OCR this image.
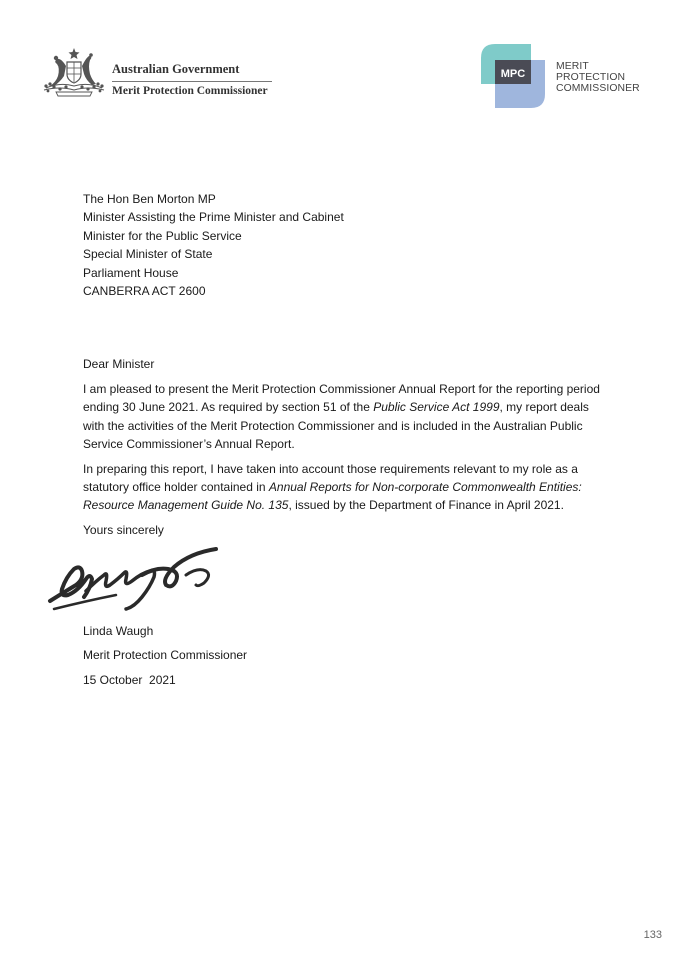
Australian Government
Merit Protection Commissioner
MPC
MERIT
PROTECTION
COMMISSIONER
The Hon Ben Morton MP
Minister Assisting the Prime Minister and Cabinet
Minister for the Public Service
Special Minister of State
Parliament House
CANBERRA ACT 2600
Dear Minister

I am pleased to present the Merit Protection Commissioner Annual Report for the reporting period ending 30 June 2021. As required by section 51 of the Public Service Act 1999, my report deals with the activities of the Merit Protection Commissioner and is included in the Australian Public Service Commissioner’s Annual Report.

In preparing this report, I have taken into account those requirements relevant to my role as a statutory office holder contained in Annual Reports for Non-corporate Commonwealth Entities: Resource Management Guide No. 135, issued by the Department of Finance in April 2021.

Yours sincerely
Linda Waugh
Merit Protection Commissioner
15 October  2021
133
